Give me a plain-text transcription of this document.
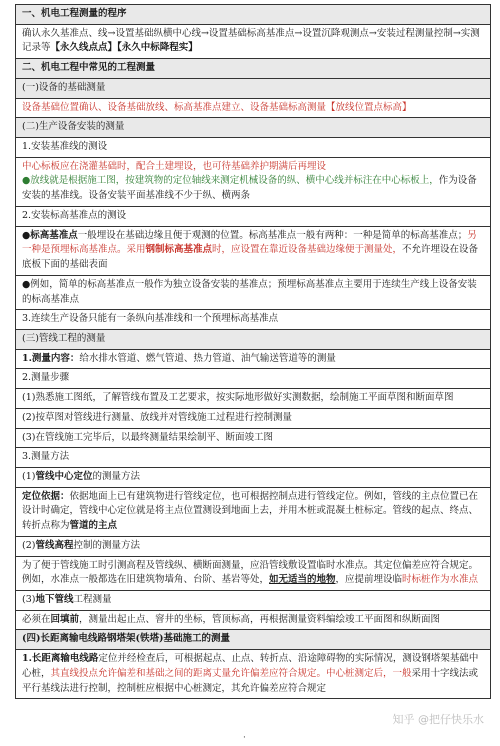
一、机电工程测量的程序
确认永久基准点、线→设置基础纵横中心线→设置基础标高基准点→设置沉降观测点→安装过程测量控制→实测记录等【永久线点点】【永久中标降程实】
二、机电工程中常见的工程测量
(一)设备的基础测量
设备基础位置确认、设备基础放线、标高基准点建立、设备基础标高测量【放线位置点标高】
(二)生产设备安装的测量
1.安装基准线的测设
中心标板应在浇灌基础时，配合土建埋设，也可待基础养护期满后再埋设
●放线就是根据施工图，按建筑物的定位轴线来测定机械设备的纵、横中心线并标注在中心标板上，作为设备安装的基准线。设备安装平面基准线不少于纵、横两条
2.安装标高基准点的测设
●标高基准点一般埋设在基础边缘且便于观测的位置。标高基准点一般有两种：一种是简单的标高基准点；另一种是预埋标高基准点。采用钢制标高基准点时，应设置在靠近设备基础边缘便于测量处，不允许埋设在设备底板下面的基础表面
●例如，简单的标高基准点一般作为独立设备安装的基准点；预埋标高基准点主要用于连续生产线上设备安装的标高基准点
3.连续生产设备只能有一条纵向基准线和一个预埋标高基准点
(三)管线工程的测量
1.测量内容：给水排水管道、燃气管道、热力管道、油气输送管道等的测量
2.测量步骤
(1)熟悉施工图纸，了解管线布置及工艺要求，按实际地形做好实测数据，绘制施工平面草图和断面草图
(2)按草图对管线进行测量、放线并对管线施工过程进行控制测量
(3)在管线施工完毕后，以最终测量结果绘制平、断面竣工图
3.测量方法
(1)管线中心定位的测量方法
定位依据：依据地面上已有建筑物进行管线定位，也可根据控制点进行管线定位。例如，管线的主点位置已在设计时确定，管线中心定位就是将主点位置测设到地面上去，并用木桩或混凝土桩标定。管线的起点、终点、转折点称为管道的主点
(2)管线高程控制的测量方法
为了便于管线施工时引测高程及管线纵、横断面测量，应沿管线敷设置临时水准点。其定位偏差应符合规定。例如，水准点一般都选在旧建筑物墙角、台阶、基岩等处，如无适当的地物，应提前埋设临时标桩作为水准点
(3)地下管线工程测量
必须在回填前，测量出起止点、窨井的坐标，管顶标高，再根据测量资料编绘竣工平面图和纵断面图
(四)长距离输电线路钢塔架(铁塔)基础施工的测量
1.长距离输电线路定位并经检查后，可根据起点、止点、转折点、沿途障碍物的实际情况，测设钢塔架基础中心桩，其直线投点允许偏差和基础之间的距离丈量允许偏差应符合规定。中心桩测定后，一般采用十字线法或平行基线法进行控制，控制桩应根据中心桩测定，其允许偏差应符合规定
知乎 @把仔快乐水
·
